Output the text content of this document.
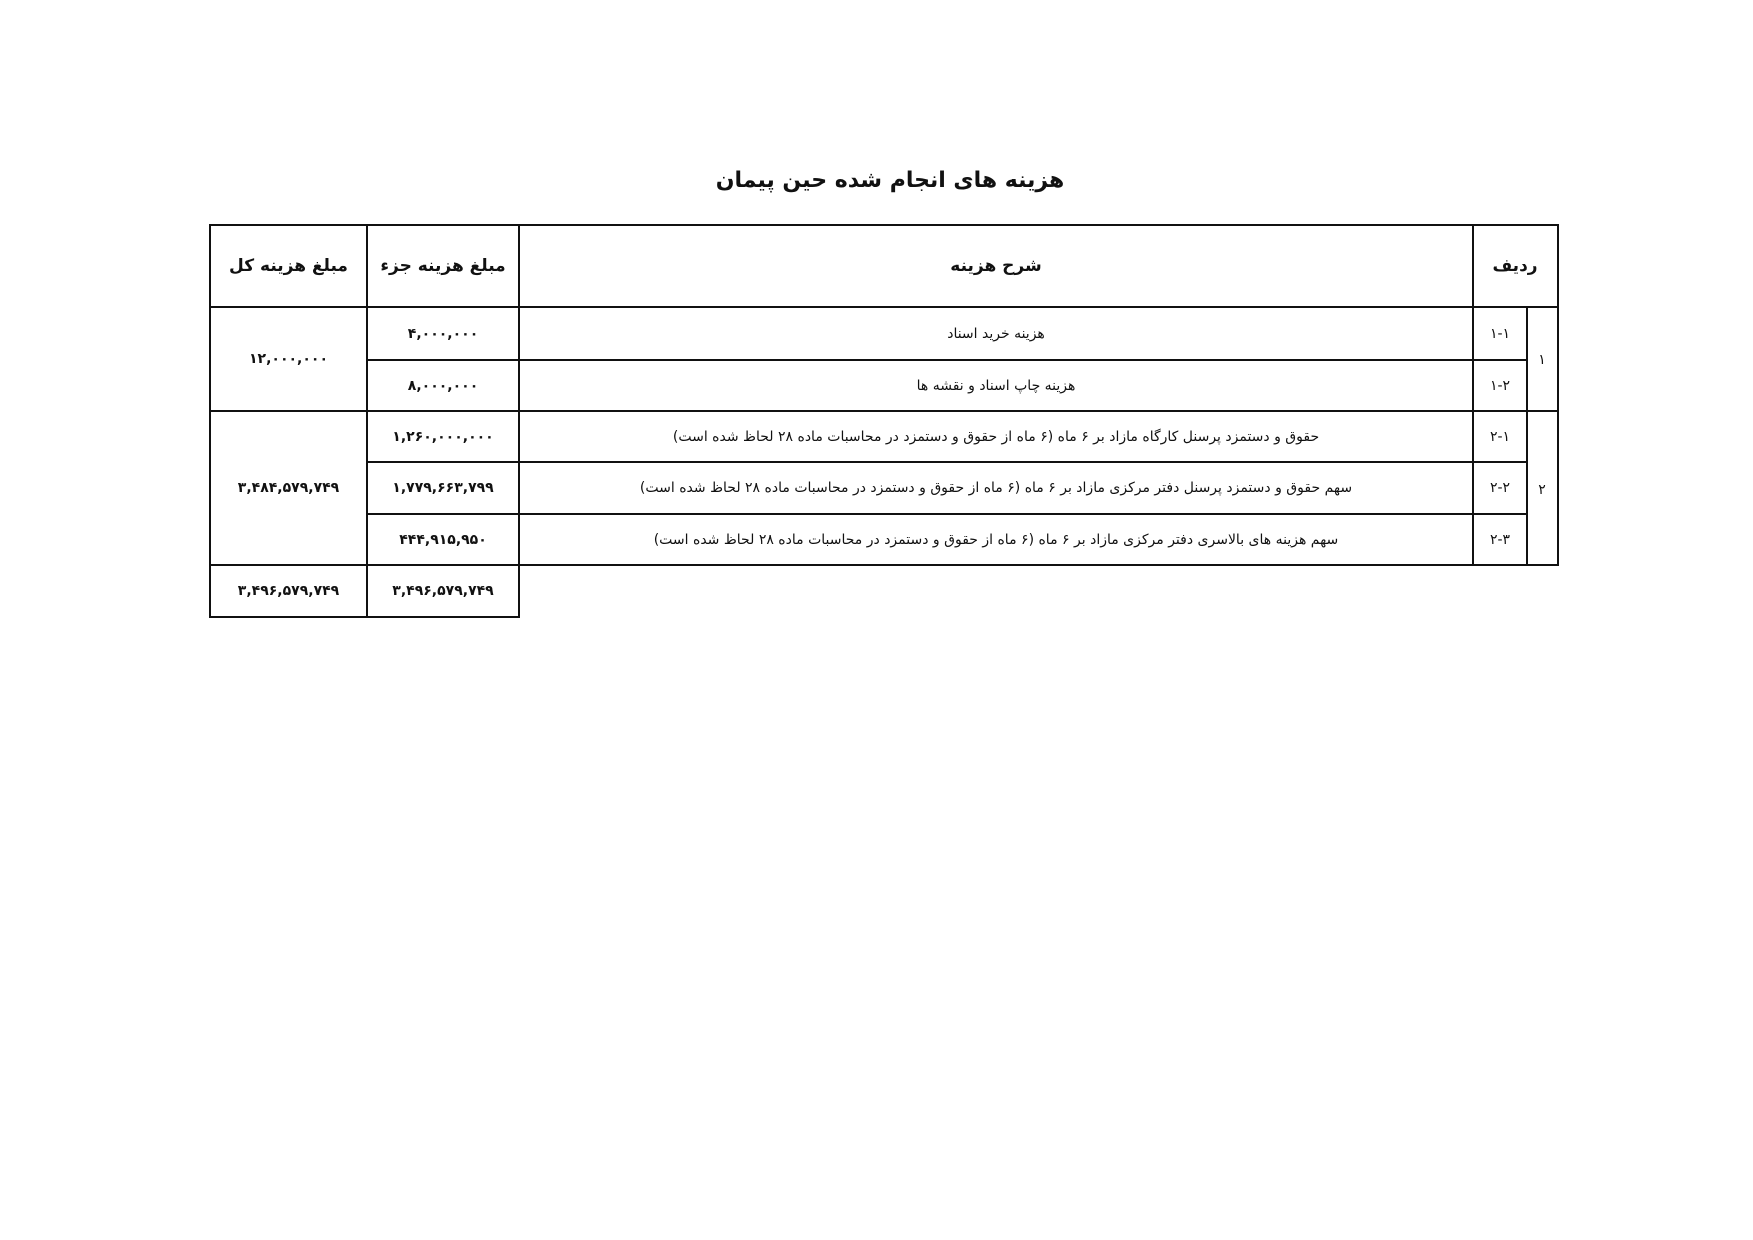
هزینه های انجام شده حین پیمان
مبلغ هزینه کل	مبلغ هزینه جزء	شرح هزینه	ردیف
۱۲,۰۰۰,۰۰۰	۱
۴,۰۰۰,۰۰۰	هزینه خرید اسناد	۱-۱
۸,۰۰۰,۰۰۰	هزینه چاپ اسناد و نقشه ها	۱-۲
۳,۴۸۴,۵۷۹,۷۴۹	۲
۱,۲۶۰,۰۰۰,۰۰۰	حقوق و دستمزد پرسنل کارگاه مازاد بر ۶ ماه (۶ ماه از حقوق و دستمزد در محاسبات ماده ۲۸ لحاظ شده است)	۲-۱
۱,۷۷۹,۶۶۳,۷۹۹	سهم حقوق و دستمزد پرسنل دفتر مرکزی مازاد بر ۶ ماه (۶ ماه از حقوق و دستمزد در محاسبات ماده ۲۸ لحاظ شده است)	۲-۲
۴۴۴,۹۱۵,۹۵۰	سهم هزینه های بالاسری دفتر مرکزی مازاد بر ۶ ماه (۶ ماه از حقوق و دستمزد در محاسبات ماده ۲۸ لحاظ شده است)	۲-۳
۳,۴۹۶,۵۷۹,۷۴۹	۳,۴۹۶,۵۷۹,۷۴۹
